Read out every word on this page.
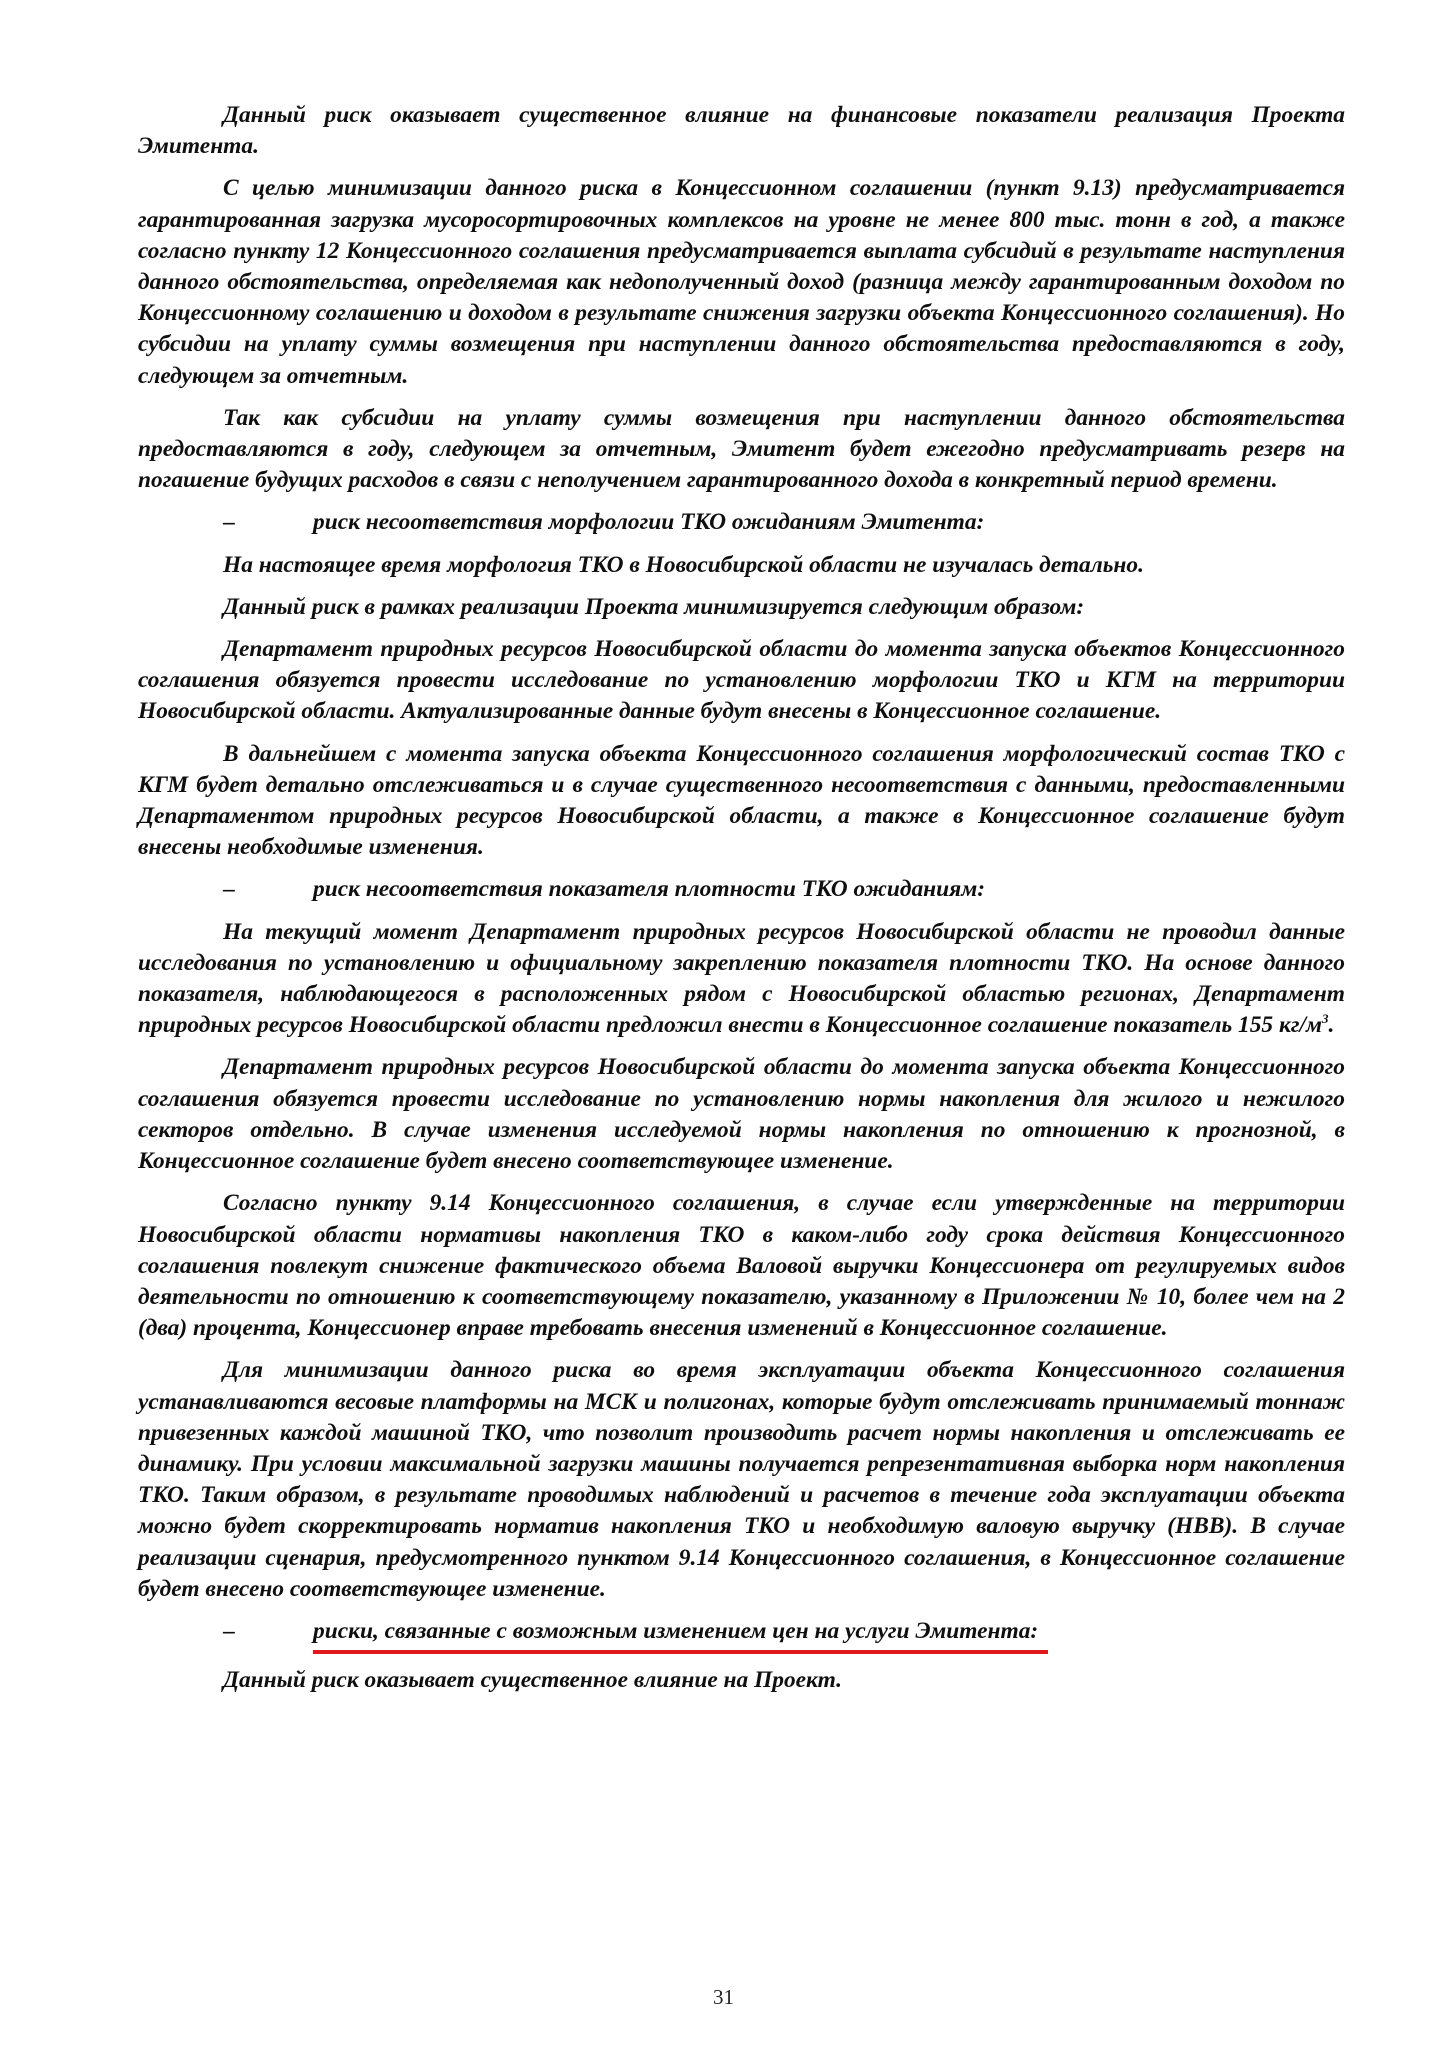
Данный риск оказывает существенное влияние на финансовые показатели реализация Проекта Эмитента.

С целью минимизации данного риска в Концессионном соглашении (пункт 9.13) предусматривается гарантированная загрузка мусоросортировочных комплексов на уровне не менее 800 тыс. тонн в год, а также согласно пункту 12 Концессионного соглашения предусматривается выплата субсидий в результате наступления данного обстоятельства, определяемая как недополученный доход (разница между гарантированным доходом по Концессионному соглашению и доходом в результате снижения загрузки объекта Концессионного соглашения). Но субсидии на уплату суммы возмещения при наступлении данного обстоятельства предоставляются в году, следующем за отчетным.

Так как субсидии на уплату суммы возмещения при наступлении данного обстоятельства предоставляются в году, следующем за отчетным, Эмитент будет ежегодно предусматривать резерв на погашение будущих расходов в связи с неполучением гарантированного дохода в конкретный период времени.

–	риск несоответствия морфологии ТКО ожиданиям Эмитента:

На настоящее время морфология ТКО в Новосибирской области не изучалась детально.

Данный риск в рамках реализации Проекта минимизируется следующим образом:

Департамент природных ресурсов Новосибирской области до момента запуска объектов Концессионного соглашения обязуется провести исследование по установлению морфологии ТКО и КГМ на территории Новосибирской области. Актуализированные данные будут внесены в Концессионное соглашение.

В дальнейшем с момента запуска объекта Концессионного соглашения морфологический состав ТКО с КГМ будет детально отслеживаться и в случае существенного несоответствия с данными, предоставленными Департаментом природных ресурсов Новосибирской области, а также в Концессионное соглашение будут внесены необходимые изменения.

–	риск несоответствия показателя плотности ТКО ожиданиям:

На текущий момент Департамент природных ресурсов Новосибирской области не проводил данные исследования по установлению и официальному закреплению показателя плотности ТКО. На основе данного показателя, наблюдающегося в расположенных рядом с Новосибирской областью регионах, Департамент природных ресурсов Новосибирской области предложил внести в Концессионное соглашение показатель 155 $кг/м^3$.

Департамент природных ресурсов Новосибирской области до момента запуска объекта Концессионного соглашения обязуется провести исследование по установлению нормы накопления для жилого и нежилого секторов отдельно. В случае изменения исследуемой нормы накопления по отношению к прогнозной, в Концессионное соглашение будет внесено соответствующее изменение.

Согласно пункту 9.14 Концессионного соглашения, в случае если утвержденные на территории Новосибирской области нормативы накопления ТКО в каком-либо году срока действия Концессионного соглашения повлекут снижение фактического объема Валовой выручки Концессионера от регулируемых видов деятельности по отношению к соответствующему показателю, указанному в Приложении № 10, более чем на 2 (два) процента, Концессионер вправе требовать внесения изменений в Концессионное соглашение.

Для минимизации данного риска во время эксплуатации объекта Концессионного соглашения устанавливаются весовые платформы на МСК и полигонах, которые будут отслеживать принимаемый тоннаж привезенных каждой машиной ТКО, что позволит производить расчет нормы накопления и отслеживать ее динамику. При условии максимальной загрузки машины получается репрезентативная выборка норм накопления ТКО. Таким образом, в результате проводимых наблюдений и расчетов в течение года эксплуатации объекта можно будет скорректировать норматив накопления ТКО и необходимую валовую выручку (НВВ). В случае реализации сценария, предусмотренного пунктом 9.14 Концессионного соглашения, в Концессионное соглашение будет внесено соответствующее изменение.

–	риски, связанные с возможным изменением цен на услуги Эмитента:

Данный риск оказывает существенное влияние на Проект.

31
